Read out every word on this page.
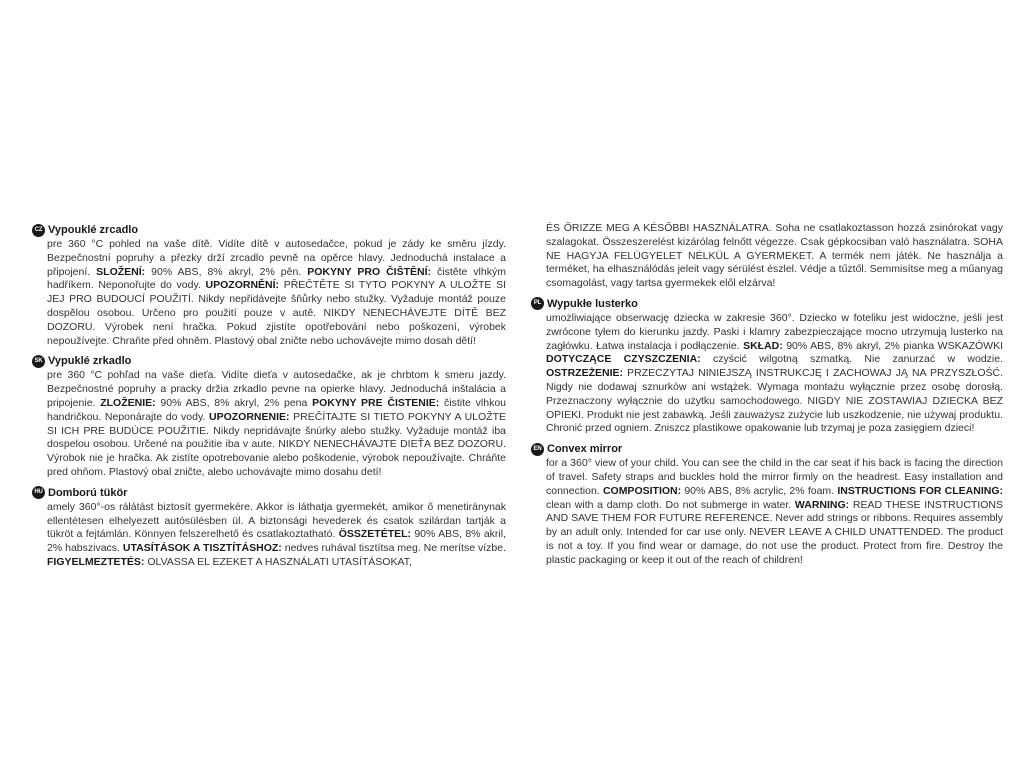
CZ Vypouklé zrcadlo
pre 360 °C pohled na vaše dítě. Vidíte dítě v autosedačce, pokud je zády ke směru jízdy. Bezpečnostní popruhy a přezky drží zrcadlo pevně na opěrce hlavy. Jednoduchá instalace a připojení. SLOŽENÍ: 90% ABS, 8% akryl, 2% pěn. POKYNY PRO ČIŠTĚNÍ: čistěte vlhkým hadříkem. Neponořujte do vody. UPOZORNĚNÍ: PŘEČTĚTE SI TYTO POKYNY A ULOŽTE SI JEJ PRO BUDOUCÍ POUŽITÍ. Nikdy nepřidávejte šňůrky nebo stužky. Vyžaduje montáž pouze dospělou osobou. Určeno pro použití pouze v autě. NIKDY NENECHÁVEJTE DÍTĚ BEZ DOZORU. Výrobek není hračka. Pokud zjistíte opotřebování nebo poškození, výrobek nepoužívejte. Chraňte před ohněm. Plastový obal zničte nebo uchovávejte mimo dosah dětí!
SK Vypuklé zrkadlo
pre 360 °C pohľad na vaše dieťa. Vidíte dieťa v autosedačke, ak je chrbtom k smeru jazdy. Bezpečnostné popruhy a pracky držia zrkadlo pevne na opierke hlavy. Jednoduchá inštalácia a pripojenie. ZLOŽENIE: 90% ABS, 8% akryl, 2% pena POKYNY PRE ČISTENIE: čistite vlhkou handričkou. Neponárajte do vody. UPOZORNENIE: PREČÍTAJTE SI TIETO POKYNY A ULOŽTE SI ICH PRE BUDÚCE POUŽITIE. Nikdy nepridávajte šnúrky alebo stužky. Vyžaduje montáž iba dospelou osobou. Určené na použitie iba v aute. NIKDY NENECHÁVAJTE DIEŤA BEZ DOZORU. Výrobok nie je hračka. Ak zistíte opotrebovanie alebo poškodenie, výrobok nepoužívajte. Chráňte pred ohňom. Plastový obal zničte, alebo uchovávajte mimo dosahu detí!
HU Domború tükör
amely 360°-os rálátást biztosít gyermekére. Akkor is láthatja gyermekét, amikor ő menetiránynak ellentétesen elhelyezett autósülésben ül. A biztonsági hevederek és csatok szilárdan tartják a tükröt a fejtámlán. Könnyen felszerelhető és csatlakoztatható. ÖSSZETÉTEL: 90% ABS, 8% akril, 2% habszivacs. UTASÍTÁSOK A TISZTÍTÁSHOZ: nedves ruhával tisztítsa meg. Ne merítse vízbe. FIGYELMEZTETÉS: OLVASSA EL EZEKET A HASZNÁLATI UTASÍTÁSOKAT,
ÉS ŐRIZZE MEG A KÉSŐBBI HASZNÁLATRA. Soha ne csatlakoztasson hozzá zsinórokat vagy szalagokat. Összeszerelést kizárólag felnőtt végezze. Csak gépkocsiban való használatra. SOHA NE HAGYJA FELÜGYELET NÉLKÜL A GYERMEKET. A termék nem játék. Ne használja a terméket, ha elhasználódás jeleit vagy sérülést észlel. Védje a tűztől. Semmisítse meg a műanyag csomagolást, vagy tartsa gyermekek elől elzárva!
PL Wypukłe lusterko
umożliwiające obserwację dziecka w zakresie 360°. Dziecko w foteliku jest widoczne, jeśli jest zwrócone tyłem do kierunku jazdy. Paski i klamry zabezpieczające mocno utrzymują lusterko na zagłówku. Łatwa instalacja i podłączenie. SKŁAD: 90% ABS, 8% akryl, 2% pianka WSKAZÓWKI DOTYCZĄCE CZYSZCZENIA: czyścić wilgotną szmatką. Nie zanurzać w wodzie. OSTRZEŻENIE: PRZECZYTAJ NINIEJSZĄ INSTRUKCJĘ I ZACHOWAJ JĄ NA PRZYSZŁOŚĆ. Nigdy nie dodawaj sznurków ani wstążek. Wymaga montażu wyłącznie przez osobę dorosłą. Przeznaczony wyłącznie do użytku samochodowego. NIGDY NIE ZOSTAWIAJ DZIECKA BEZ OPIEKI. Produkt nie jest zabawką. Jeśli zauważysz zużycie lub uszkodzenie, nie używaj produktu. Chronić przed ogniem. Zniszcz plastikowe opakowanie lub trzymaj je poza zasięgiem dzieci!
EN Convex mirror
for a 360° view of your child. You can see the child in the car seat if his back is facing the direction of travel. Safety straps and buckles hold the mirror firmly on the headrest. Easy installation and connection. COMPOSITION: 90% ABS, 8% acrylic, 2% foam. INSTRUCTIONS FOR CLEANING: clean with a damp cloth. Do not submerge in water. WARNING: READ THESE INSTRUCTIONS AND SAVE THEM FOR FUTURE REFERENCE. Never add strings or ribbons. Requires assembly by an adult only. Intended for car use only. NEVER LEAVE A CHILD UNATTENDED. The product is not a toy. If you find wear or damage, do not use the product. Protect from fire. Destroy the plastic packaging or keep it out of the reach of children!
